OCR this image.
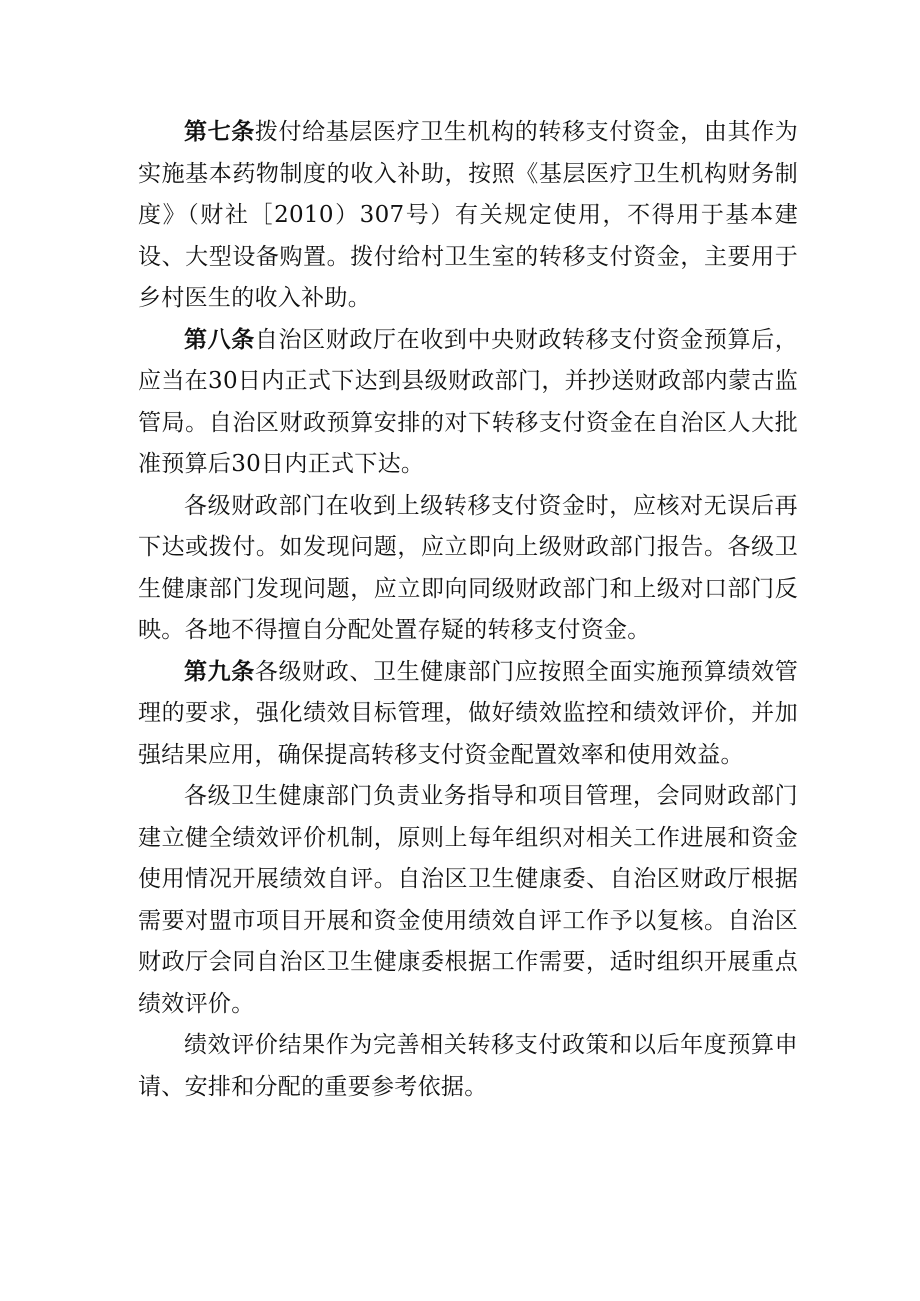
第七条拨付给基层医疗卫生机构的转移支付资金，由其作为实施基本药物制度的收入补助，按照《基层医疗卫生机构财务制度》（财社［2010）307号）有关规定使用，不得用于基本建设、大型设备购置。拨付给村卫生室的转移支付资金，主要用于乡村医生的收入补助。

第八条自治区财政厅在收到中央财政转移支付资金预算后，应当在30日内正式下达到县级财政部门，并抄送财政部内蒙古监管局。自治区财政预算安排的对下转移支付资金在自治区人大批准预算后30日内正式下达。

各级财政部门在收到上级转移支付资金时，应核对无误后再下达或拨付。如发现问题，应立即向上级财政部门报告。各级卫生健康部门发现问题，应立即向同级财政部门和上级对口部门反映。各地不得擅自分配处置存疑的转移支付资金。

第九条各级财政、卫生健康部门应按照全面实施预算绩效管理的要求，强化绩效目标管理，做好绩效监控和绩效评价，并加强结果应用，确保提高转移支付资金配置效率和使用效益。

各级卫生健康部门负责业务指导和项目管理，会同财政部门建立健全绩效评价机制，原则上每年组织对相关工作进展和资金使用情况开展绩效自评。自治区卫生健康委、自治区财政厅根据需要对盟市项目开展和资金使用绩效自评工作予以复核。自治区财政厅会同自治区卫生健康委根据工作需要，适时组织开展重点绩效评价。

绩效评价结果作为完善相关转移支付政策和以后年度预算申请、安排和分配的重要参考依据。
